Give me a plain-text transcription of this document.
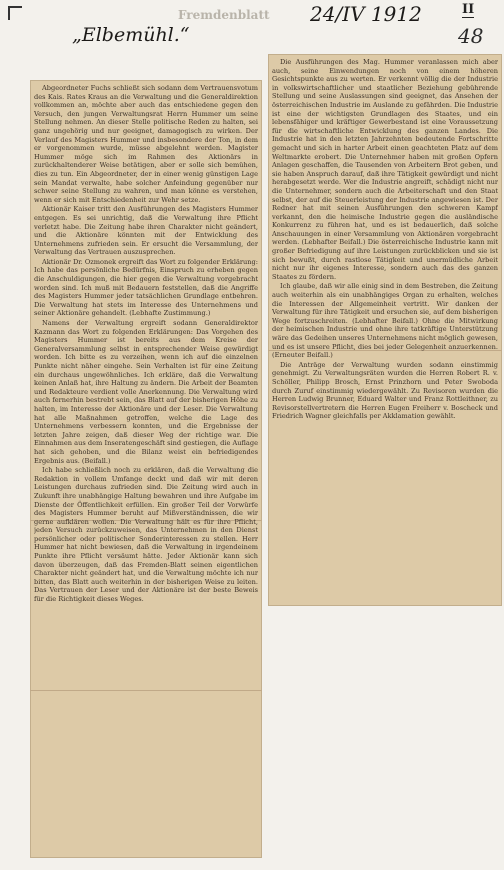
Fremdenblatt 24/IV 1912
„Elbemühl.“
II
48

Abgeordneter Fuchs schließt sich sodann dem Vertrauensvotum des Kais. Rates Kraus an die Verwaltung und die Generaldirektion vollkommen an, möchte aber auch das entschiedene gegen den Versuch, den jungen Verwaltungsrat Herrn Hummer um seine Stellung nehmen. An dieser Stelle politische Reden zu halten, sei ganz ungehörig und nur geeignet, damagogisch zu wirken. Der Verlauf des Magisters Hummer und insbesondere der Ton, in dem er vorgenommen wurde, müsse abgelehnt werden. Magister Hummer möge sich im Rahmen des Aktionärs in zurückhaltenderer Weise betätigen, aber er solle sich bemühen, dies zu tun. Ein Abgeordneter, der in einer wenig günstigen Lage sein Mandat verwalte, habe solcher Anfeindung gegenüber nur schwer seine Stellung zu wahren, und man könne es verstehen, wenn er sich mit Entschiedenheit zur Wehr setze.

Aktionär Kaiser tritt den Ausführungen des Magisters Hummer entgegen. Es sei unrichtig, daß die Verwaltung ihre Pflicht verletzt habe. Die Zeitung habe ihren Charakter nicht geändert, und die Aktionäre könnten mit der Entwicklung des Unternehmens zufrieden sein. Er ersucht die Versammlung, der Verwaltung das Vertrauen auszusprechen.

Aktionär Dr. Ozmonek ergreift das Wort zu folgender Erklärung: Ich habe das persönliche Bedürfnis, Einspruch zu erheben gegen die Anschuldigungen, die hier gegen die Verwaltung vorgebracht worden sind. Ich muß mit Bedauern feststellen, daß die Angriffe des Magisters Hummer jeder tatsächlichen Grundlage entbehren. Die Verwaltung hat stets im Interesse des Unternehmens und seiner Aktionäre gehandelt. (Lebhafte Zustimmung.)

Namens der Verwaltung ergreift sodann Generaldirektor Kazmann das Wort zu folgenden Erklärungen: Das Vorgehen des Magisters Hummer ist bereits aus dem Kreise der Generalversammlung selbst in entsprechender Weise gewürdigt worden. Ich bitte es zu verzeihen, wenn ich auf die einzelnen Punkte nicht näher eingehe. Sein Verhalten ist für eine Zeitung ein durchaus ungewöhnliches. Ich erkläre, daß die Verwaltung keinen Anlaß hat, ihre Haltung zu ändern. Die Arbeit der Beamten und Redakteure verdient volle Anerkennung. Die Verwaltung wird auch fernerhin bestrebt sein, das Blatt auf der bisherigen Höhe zu halten, im Interesse der Aktionäre und der Leser. Die Verwaltung hat alle Maßnahmen getroffen, welche die Lage des Unternehmens verbessern konnten, und die Ergebnisse der letzten Jahre zeigen, daß dieser Weg der richtige war. Die Einnahmen aus dem Inseratengeschäft sind gestiegen, die Auflage hat sich gehoben, und die Bilanz weist ein befriedigendes Ergebnis aus. (Beifall.)

Ich habe schließlich noch zu erklären, daß die Verwaltung die Redaktion in vollem Umfange deckt und daß wir mit deren Leistungen durchaus zufrieden sind. Die Zeitung wird auch in Zukunft ihre unabhängige Haltung bewahren und ihre Aufgabe im Dienste der Öffentlichkeit erfüllen. Ein großer Teil der Vorwürfe des Magisters Hummer beruht auf Mißverständnissen, die wir gerne aufklären wollen. Die Verwaltung hält es für ihre Pflicht, jeden Versuch zurückzuweisen, das Unternehmen in den Dienst persönlicher oder politischer Sonderinteressen zu stellen. Herr Hummer hat nicht bewiesen, daß die Verwaltung in irgendeinem Punkte ihre Pflicht versäumt hätte. Jeder Aktionär kann sich davon überzeugen, daß das Fremden-Blatt seinen eigentlichen Charakter nicht geändert hat, und die Verwaltung möchte ich nur bitten, das Blatt auch weiterhin in der bisherigen Weise zu leiten. Das Vertrauen der Leser und der Aktionäre ist der beste Beweis für die Richtigkeit dieses Weges.

Die Ausführungen des Mag. Hummer veranlassen mich aber auch, seine Einwendungen noch von einem höheren Gesichtspunkte aus zu werten. Er verkennt völlig die der Industrie in volkswirtschaftlicher und staatlicher Beziehung gebührende Stellung und seine Auslassungen sind geeignet, das Ansehen der österreichischen Industrie im Auslande zu gefährden. Die Industrie ist eine der wichtigsten Grundlagen des Staates, und ein lebensfähiger und kräftiger Gewerbestand ist eine Voraussetzung für die wirtschaftliche Entwicklung des ganzen Landes. Die Industrie hat in den letzten Jahrzehnten bedeutende Fortschritte gemacht und sich in harter Arbeit einen geachteten Platz auf dem Weltmarkte erobert. Die Unternehmer haben mit großen Opfern Anlagen geschaffen, die Tausenden von Arbeitern Brot geben, und sie haben Anspruch darauf, daß ihre Tätigkeit gewürdigt und nicht herabgesetzt werde. Wer die Industrie angreift, schädigt nicht nur die Unternehmer, sondern auch die Arbeiterschaft und den Staat selbst, der auf die Steuerleistung der Industrie angewiesen ist. Der Redner hat mit seinen Ausführungen den schweren Kampf verkannt, den die heimische Industrie gegen die ausländische Konkurrenz zu führen hat, und es ist bedauerlich, daß solche Anschauungen in einer Versammlung von Aktionären vorgebracht werden. (Lebhafter Beifall.) Die österreichische Industrie kann mit großer Befriedigung auf ihre Leistungen zurückblicken und sie ist sich bewußt, durch rastlose Tätigkeit und unermüdliche Arbeit nicht nur ihr eigenes Interesse, sondern auch das des ganzen Staates zu fördern.

Ich glaube, daß wir alle einig sind in dem Bestreben, die Zeitung auch weiterhin als ein unabhängiges Organ zu erhalten, welches die Interessen der Allgemeinheit vertritt. Wir danken der Verwaltung für ihre Tätigkeit und ersuchen sie, auf dem bisherigen Wege fortzuschreiten. (Lebhafter Beifall.) Ohne die Mitwirkung der heimischen Industrie und ohne ihre tatkräftige Unterstützung wäre das Gedeihen unseres Unternehmens nicht möglich gewesen, und es ist unsere Pflicht, dies bei jeder Gelegenheit anzuerkennen. (Erneuter Beifall.)

Die Anträge der Verwaltung wurden sodann einstimmig genehmigt. Zu Verwaltungsräten wurden die Herren Robert R. v. Schöller, Philipp Brosch, Ernst Prinzhorn und Peter Swoboda durch Zuruf einstimmig wiedergewählt. Zu Revisoren wurden die Herren Ludwig Brunner, Eduard Walter und Franz Rottleithner, zu Revisorstellvertretern die Herren Eugen Freiherr v. Boscheck und Friedrich Wagner gleichfalls per Akklamation gewählt.
